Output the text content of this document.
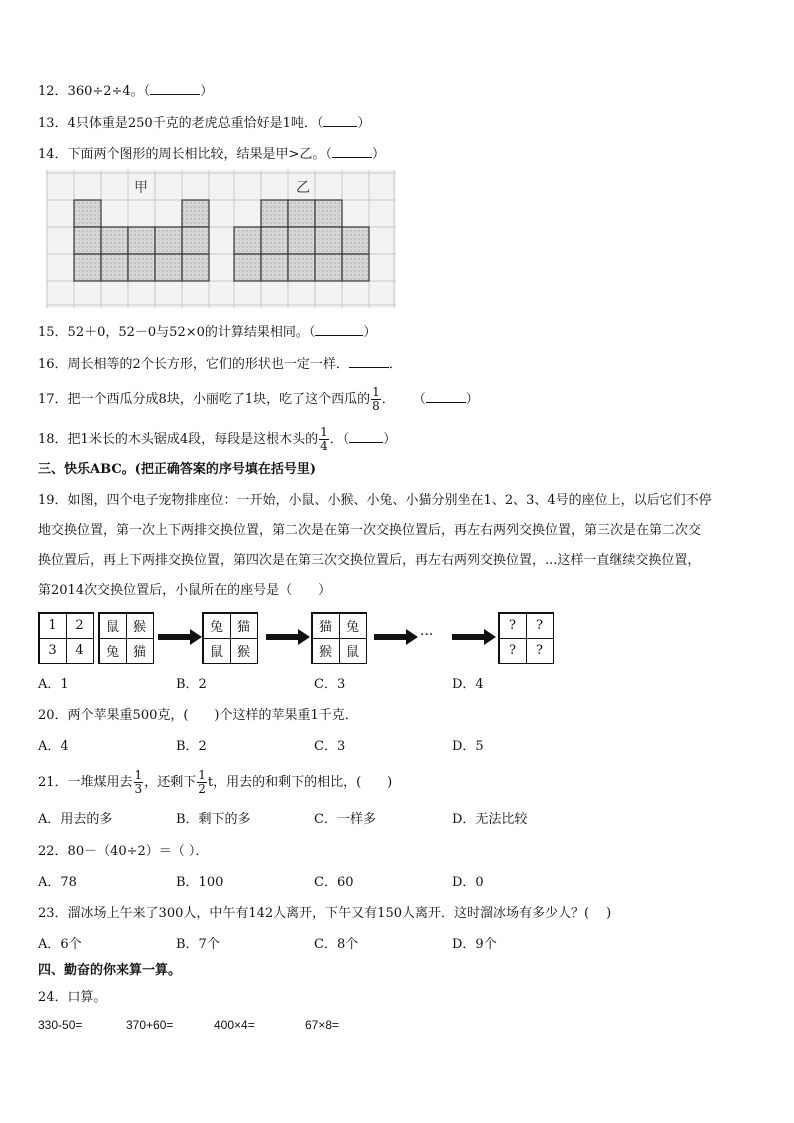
12．360÷2÷4。（	）
13．4只体重是250千克的老虎总重恰好是1吨．（	）
14．下面两个图形的周长相比较，结果是甲>乙。（	）
甲	乙
15．52＋0，52－0与52×0的计算结果相同。（	）
16．周长相等的2个长方形，它们的形状也一定一样．	．
17．把一个西瓜分成8块，小丽吃了1块，吃了这个西瓜的 $\frac{1}{8}$ ． （	）
18．把1米长的木头锯成4段，每段是这根木头的 $\frac{1}{4}$ ．（	）
三、快乐ABC。(把正确答案的序号填在括号里)
19．如图，四个电子宠物排座位：一开始，小鼠、小猴、小兔、小猫分别坐在1、2、3、4号的座位上，以后它们不停
地交换位置，第一次上下两排交换位置，第二次是在第一次交换位置后，再左右两列交换位置，第三次是在第二次交
换位置后，再上下两排交换位置，第四次是在第三次交换位置后，再左右两列交换位置，...这样一直继续交换位置，
第2014次交换位置后，小鼠所在的座号是（　　）
1	2
3	4
鼠	猴
兔	猫
兔	猫
鼠	猴
猫	兔
猴	鼠
···
?	?
?	?
A．1	B．2	C．3	D．4
20．两个苹果重500克，(　　)个这样的苹果重1千克．
A．4	B．2	C．3	D．5
21．一堆煤用去 $\frac{1}{3}$ ，还剩下 $\frac{1}{2}$ t，用去的和剩下的相比，(　　)
A．用去的多	B．剩下的多	C．一样多	D．无法比较
22．80－（40÷2）＝（ ）．
A．78	B．100	C．60	D．0
23．溜冰场上午来了300人，中午有142人离开，下午又有150人离开．这时溜冰场有多少人？(　 )
A．6个	B．7个	C．8个	D．9个
四、勤奋的你来算一算。
24．口算。
330-50=	370+60=	400×4=	67×8=
